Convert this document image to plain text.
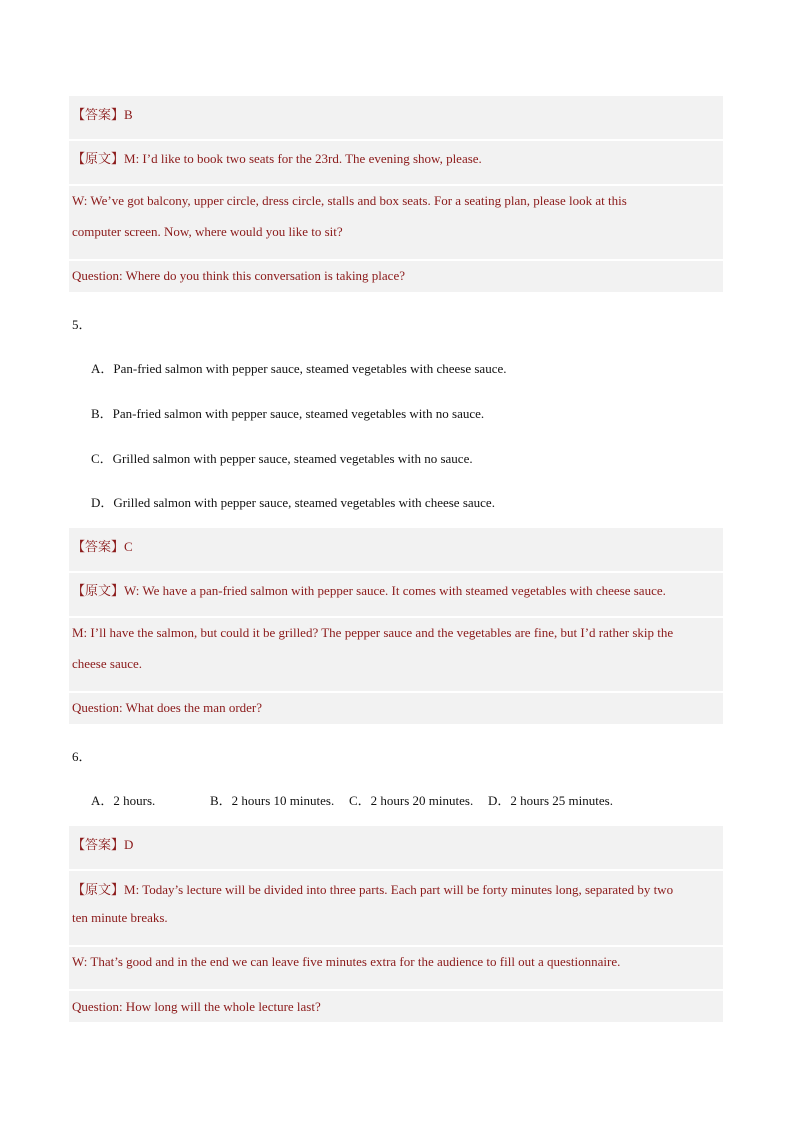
【答案】B
【原文】M: I’d like to book two seats for the 23rd. The evening show, please.
W: We’ve got balcony, upper circle, dress circle, stalls and box seats. For a seating plan, please look at this
computer screen. Now, where would you like to sit?
Question: Where do you think this conversation is taking place?
5．
A．Pan-fried salmon with pepper sauce, steamed vegetables with cheese sauce.
B．Pan-fried salmon with pepper sauce, steamed vegetables with no sauce.
C．Grilled salmon with pepper sauce, steamed vegetables with no sauce.
D．Grilled salmon with pepper sauce, steamed vegetables with cheese sauce.
【答案】C
【原文】W: We have a pan-fried salmon with pepper sauce. It comes with steamed vegetables with cheese sauce.
M: I’ll have the salmon, but could it be grilled? The pepper sauce and the vegetables are fine, but I’d rather skip the
cheese sauce.
Question: What does the man order?
6．
A．2 hours.	B．2 hours 10 minutes. C．2 hours 20 minutes. D．2 hours 25 minutes.
【答案】D
【原文】M: Today’s lecture will be divided into three parts. Each part will be forty minutes long, separated by two
ten minute breaks.
W: That’s good and in the end we can leave five minutes extra for the audience to fill out a questionnaire.
Question: How long will the whole lecture last?
